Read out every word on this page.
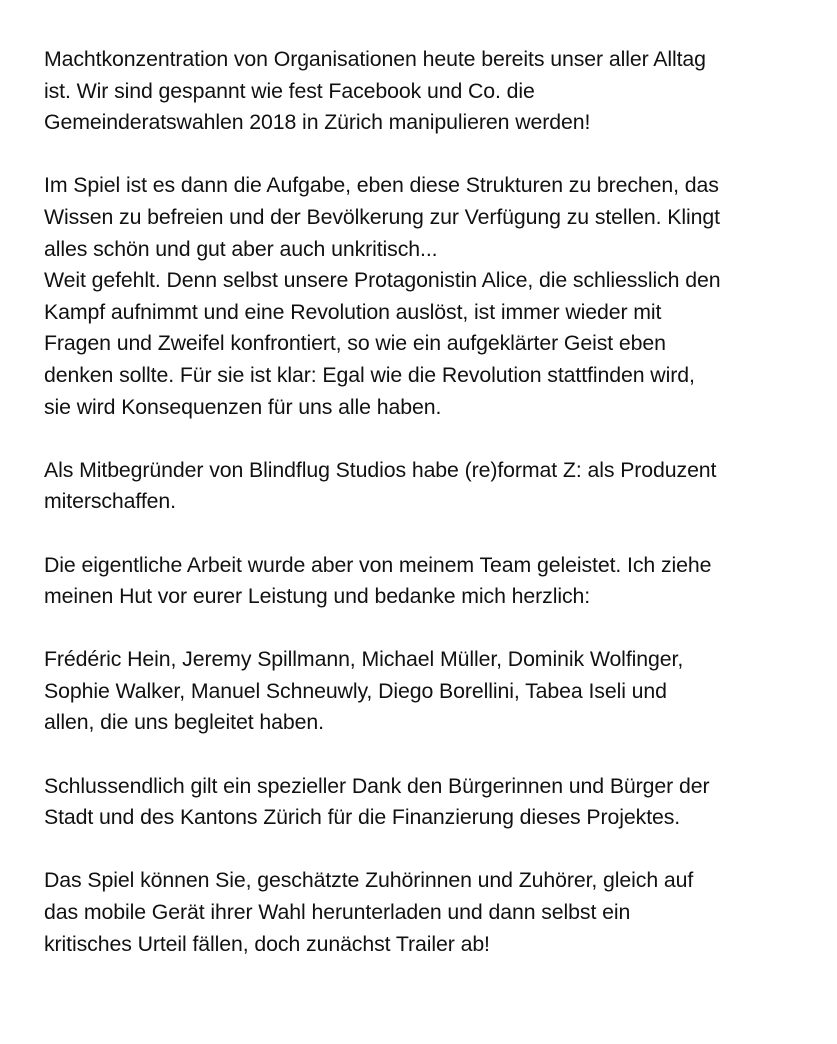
Machtkonzentration von Organisationen heute bereits unser aller Alltag
ist. Wir sind gespannt wie fest Facebook und Co. die
Gemeinderatswahlen 2018 in Zürich manipulieren werden!

Im Spiel ist es dann die Aufgabe, eben diese Strukturen zu brechen, das
Wissen zu befreien und der Bevölkerung zur Verfügung zu stellen. Klingt
alles schön und gut aber auch unkritisch...
Weit gefehlt. Denn selbst unsere Protagonistin Alice, die schliesslich den
Kampf aufnimmt und eine Revolution auslöst, ist immer wieder mit
Fragen und Zweifel konfrontiert, so wie ein aufgeklärter Geist eben
denken sollte. Für sie ist klar: Egal wie die Revolution stattfinden wird,
sie wird Konsequenzen für uns alle haben.

Als Mitbegründer von Blindflug Studios habe (re)format Z: als Produzent
miterschaffen.

Die eigentliche Arbeit wurde aber von meinem Team geleistet. Ich ziehe
meinen Hut vor eurer Leistung und bedanke mich herzlich:

Frédéric Hein, Jeremy Spillmann, Michael Müller, Dominik Wolfinger,
Sophie Walker, Manuel Schneuwly, Diego Borellini, Tabea Iseli und
allen, die uns begleitet haben.

Schlussendlich gilt ein spezieller Dank den Bürgerinnen und Bürger der
Stadt und des Kantons Zürich für die Finanzierung dieses Projektes.

Das Spiel können Sie, geschätzte Zuhörinnen und Zuhörer, gleich auf
das mobile Gerät ihrer Wahl herunterladen und dann selbst ein
kritisches Urteil fällen, doch zunächst Trailer ab!
